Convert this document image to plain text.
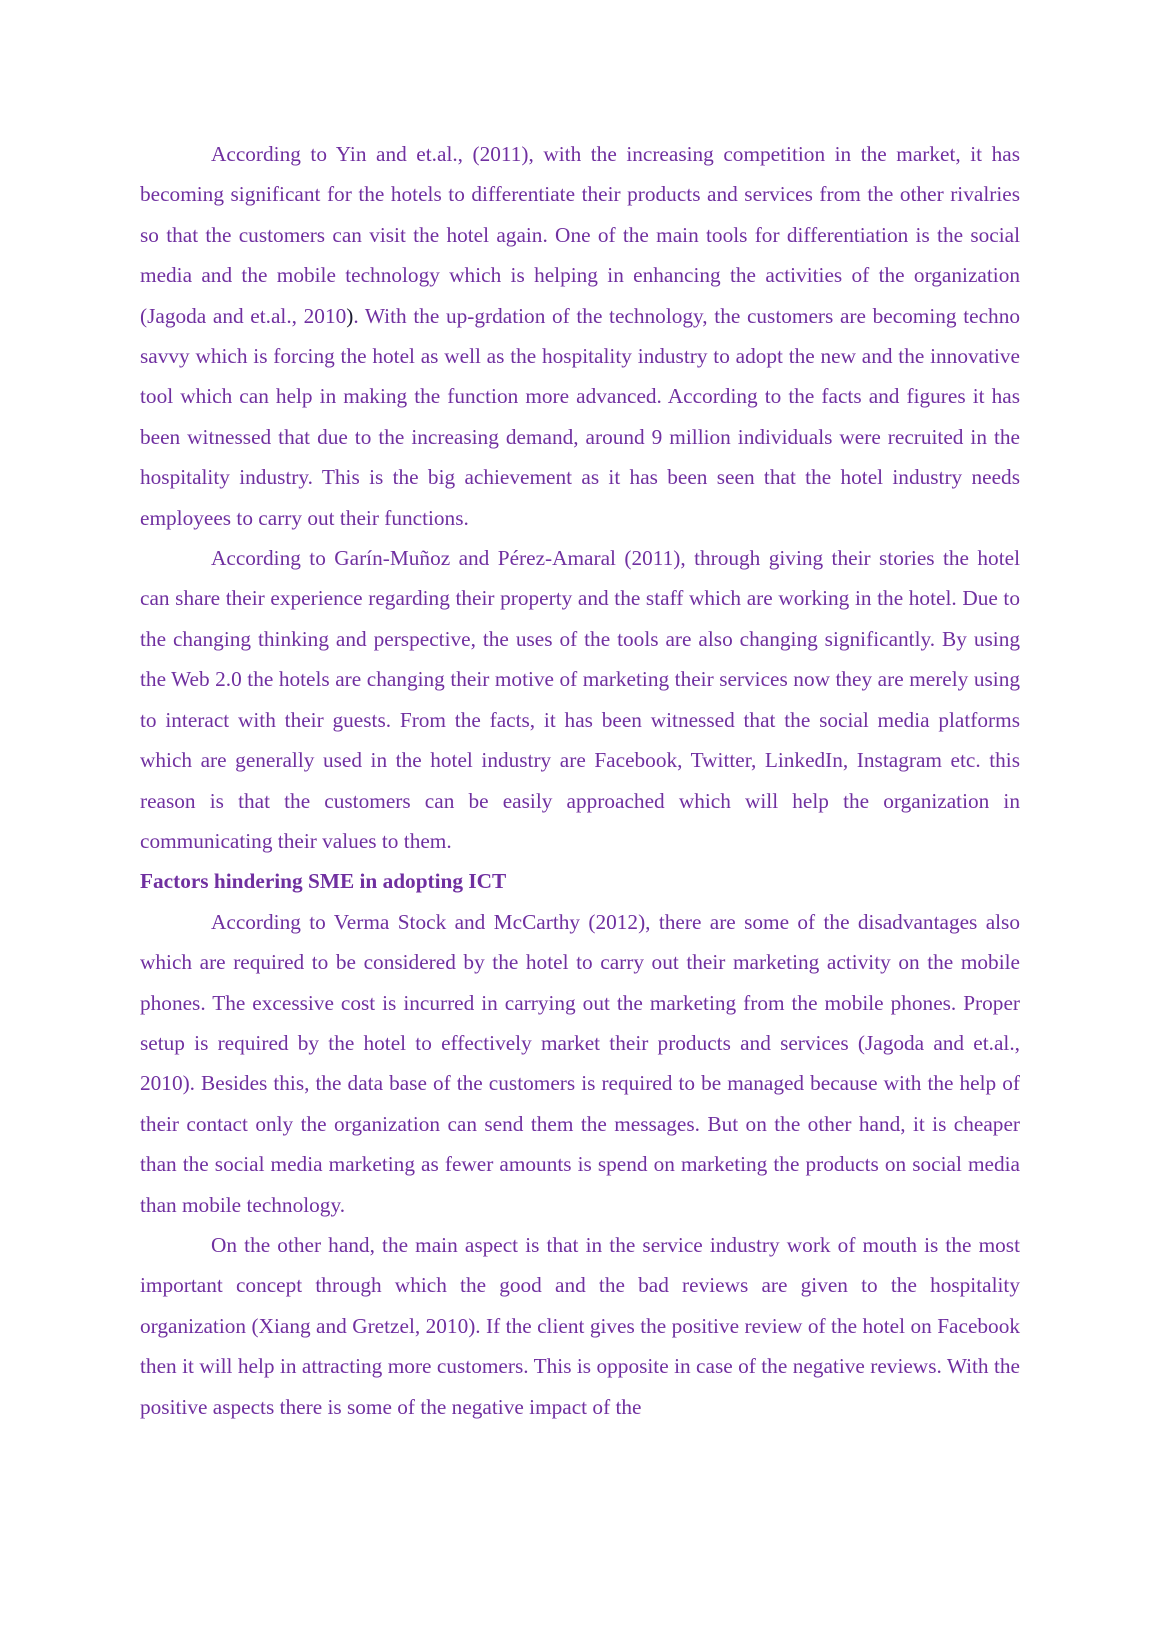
According to Yin and et.al., (2011), with the increasing competition in the market, it has becoming significant for the hotels to differentiate their products and services from the other rivalries so that the customers can visit the hotel again. One of the main tools for differentiation is the social media and the mobile technology which is helping in enhancing the activities of the organization (Jagoda and et.al., 2010). With the up-grdation of the technology, the customers are becoming techno savvy which is forcing the hotel as well as the hospitality industry to adopt the new and the innovative tool which can help in making the function more advanced. According to the facts and figures it has been witnessed that due to the increasing demand, around 9 million individuals were recruited in the hospitality industry. This is the big achievement as it has been seen that the hotel industry needs employees to carry out their functions.

According to Garín-Muñoz and Pérez-Amaral (2011), through giving their stories the hotel can share their experience regarding their property and the staff which are working in the hotel. Due to the changing thinking and perspective, the uses of the tools are also changing significantly. By using the Web 2.0 the hotels are changing their motive of marketing their services now they are merely using to interact with their guests. From the facts, it has been witnessed that the social media platforms which are generally used in the hotel industry are Facebook, Twitter, LinkedIn, Instagram etc. this reason is that the customers can be easily approached which will help the organization in communicating their values to them.

Factors hindering SME in adopting ICT

According to Verma Stock and McCarthy (2012), there are some of the disadvantages also which are required to be considered by the hotel to carry out their marketing activity on the mobile phones. The excessive cost is incurred in carrying out the marketing from the mobile phones. Proper setup is required by the hotel to effectively market their products and services (Jagoda and et.al., 2010). Besides this, the data base of the customers is required to be managed because with the help of their contact only the organization can send them the messages. But on the other hand, it is cheaper than the social media marketing as fewer amounts is spend on marketing the products on social media than mobile technology.

On the other hand, the main aspect is that in the service industry work of mouth is the most important concept through which the good and the bad reviews are given to the hospitality organization (Xiang and Gretzel, 2010). If the client gives the positive review of the hotel on Facebook then it will help in attracting more customers. This is opposite in case of the negative reviews. With the positive aspects there is some of the negative impact of the
